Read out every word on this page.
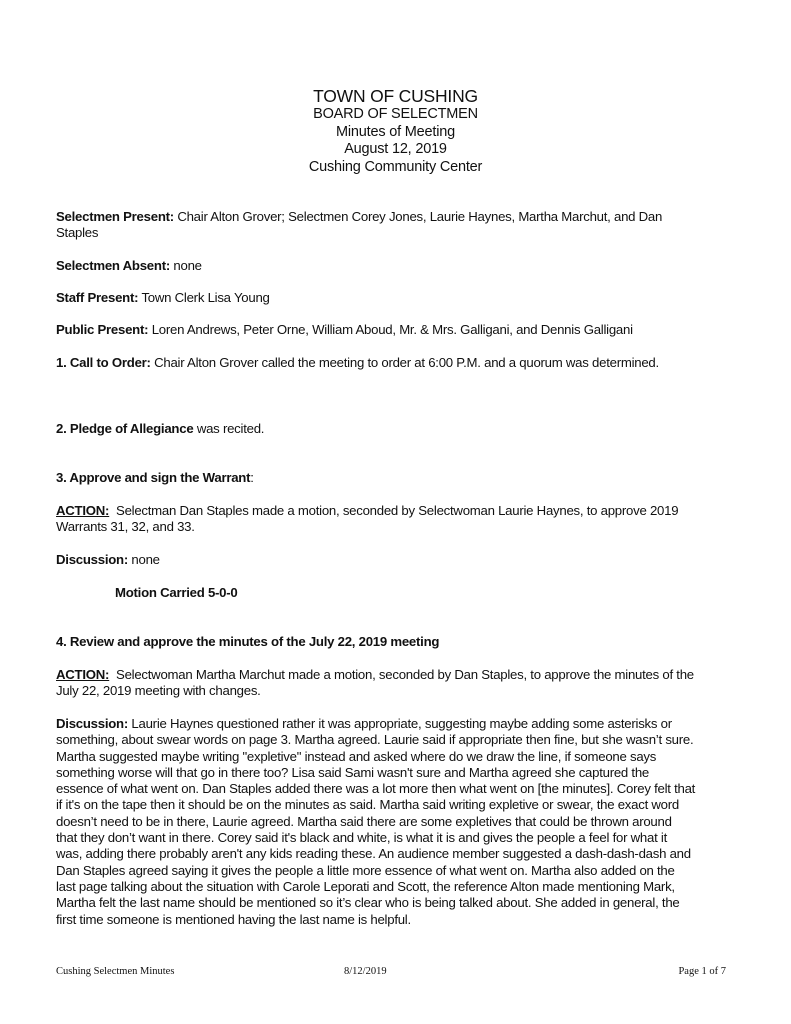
TOWN OF CUSHING
BOARD OF SELECTMEN
Minutes of Meeting
August 12, 2019
Cushing Community Center

Selectmen Present: Chair Alton Grover; Selectmen Corey Jones, Laurie Haynes, Martha Marchut, and Dan Staples

Selectmen Absent: none

Staff Present: Town Clerk Lisa Young

Public Present: Loren Andrews, Peter Orne, William Aboud, Mr. & Mrs. Galligani, and Dennis Galligani

1. Call to Order: Chair Alton Grover called the meeting to order at 6:00 P.M. and a quorum was determined.

2. Pledge of Allegiance was recited.

3. Approve and sign the Warrant:

ACTION: Selectman Dan Staples made a motion, seconded by Selectwoman Laurie Haynes, to approve 2019 Warrants 31, 32, and 33.

Discussion: none

Motion Carried 5-0-0

4. Review and approve the minutes of the July 22, 2019 meeting

ACTION: Selectwoman Martha Marchut made a motion, seconded by Dan Staples, to approve the minutes of the July 22, 2019 meeting with changes.

Discussion: Laurie Haynes questioned rather it was appropriate, suggesting maybe adding some asterisks or something, about swear words on page 3. Martha agreed. Laurie said if appropriate then fine, but she wasn’t sure. Martha suggested maybe writing "expletive" instead and asked where do we draw the line, if someone says something worse will that go in there too? Lisa said Sami wasn't sure and Martha agreed she captured the essence of what went on. Dan Staples added there was a lot more then what went on [the minutes]. Corey felt that if it's on the tape then it should be on the minutes as said. Martha said writing expletive or swear, the exact word doesn’t need to be in there, Laurie agreed. Martha said there are some expletives that could be thrown around that they don’t want in there. Corey said it's black and white, is what it is and gives the people a feel for what it was, adding there probably aren't any kids reading these. An audience member suggested a dash-dash-dash and Dan Staples agreed saying it gives the people a little more essence of what went on. Martha also added on the last page talking about the situation with Carole Leporati and Scott, the reference Alton made mentioning Mark, Martha felt the last name should be mentioned so it’s clear who is being talked about. She added in general, the first time someone is mentioned having the last name is helpful.

Cushing Selectmen Minutes	8/12/2019	Page 1 of 7
